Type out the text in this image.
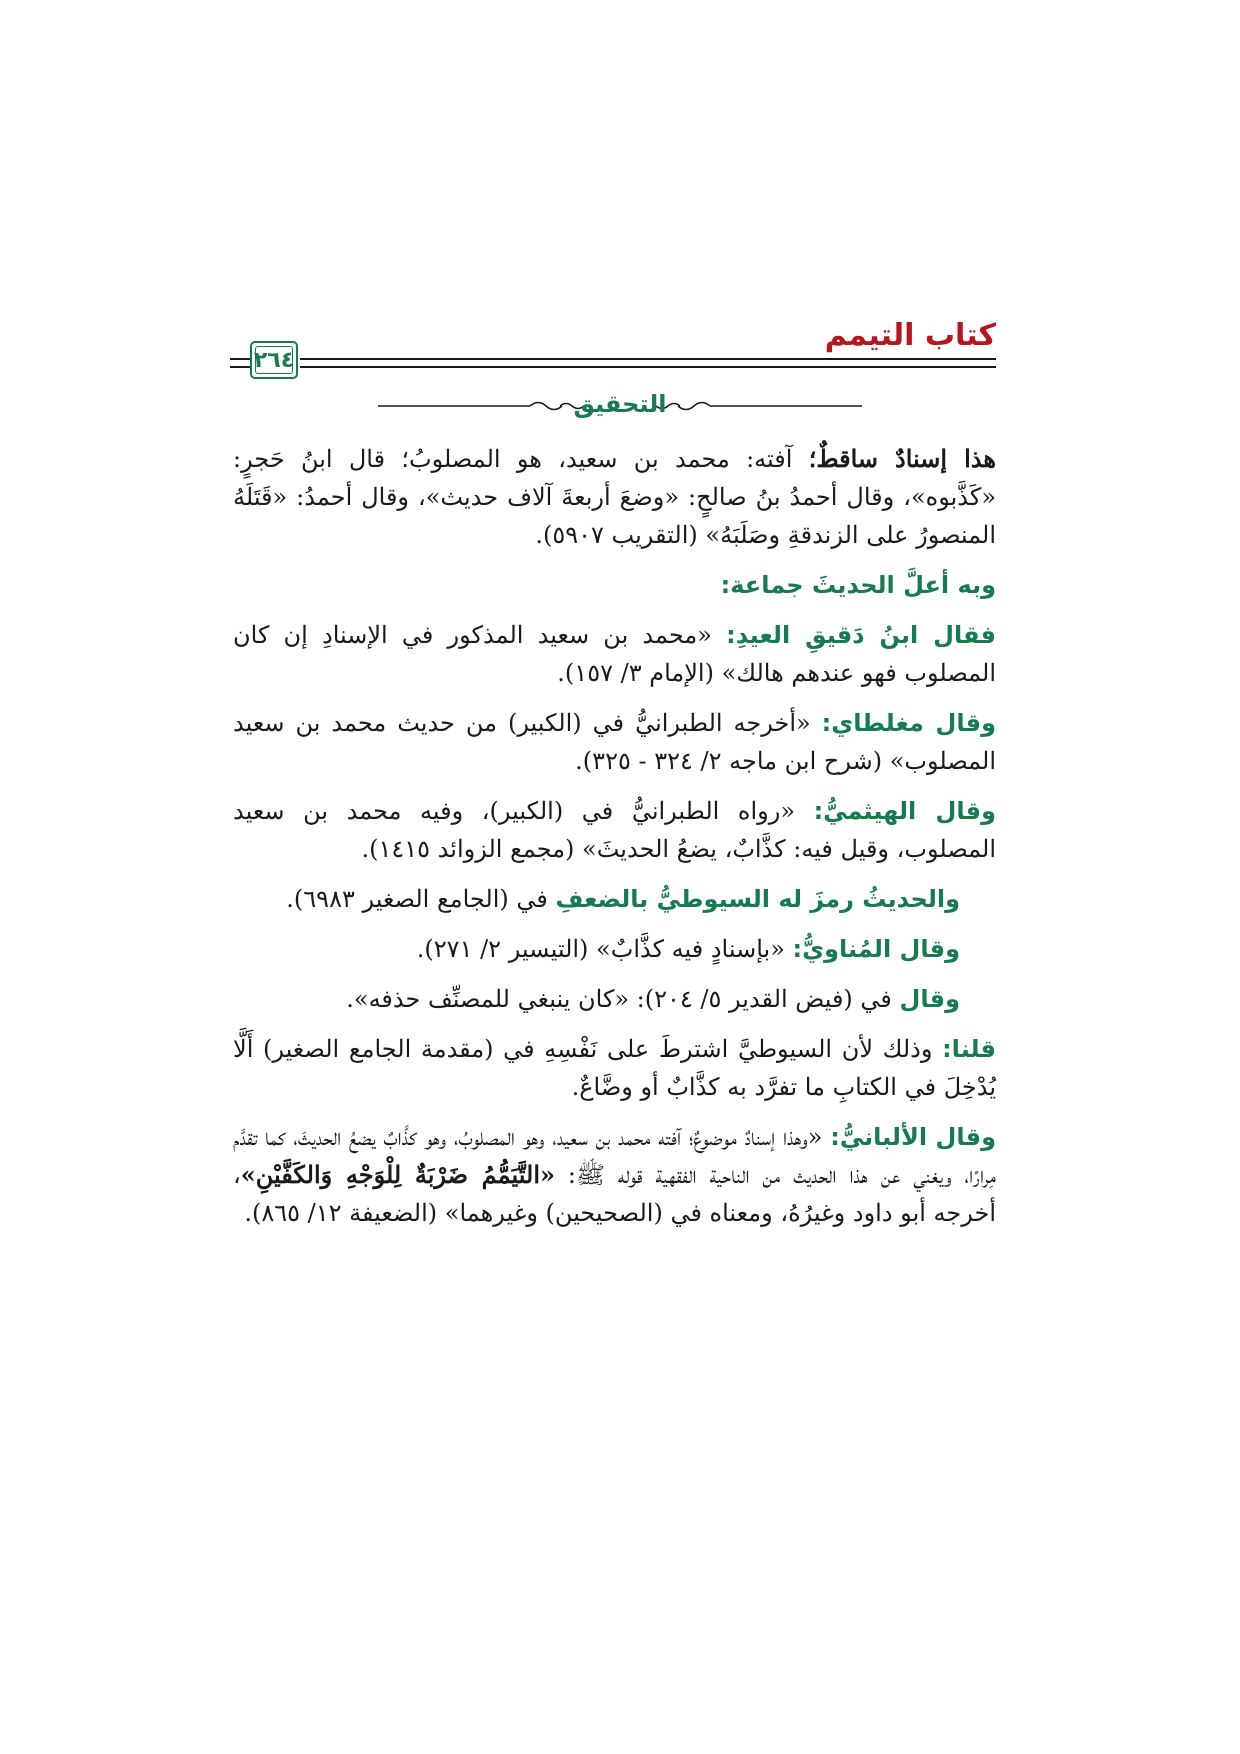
كتاب التيمم
٢٦٤
التحقيق

هذا إسنادٌ ساقطٌ؛ آفته: محمد بن سعيد، هو المصلوبُ؛ قال ابنُ حَجرٍ: «كَذَّبوه»، وقال أحمدُ بنُ صالحٍ: «وضعَ أربعةَ آلاف حديث»، وقال أحمدُ: «قَتَلَهُ المنصورُ على الزندقةِ وصَلَبَهُ» (التقريب ٥٩٠٧).

وبه أعلَّ الحديثَ جماعة:

فقال ابنُ دَقيقِ العيدِ: «محمد بن سعيد المذكور في الإسنادِ إن كان المصلوب فهو عندهم هالك» (الإمام ٣/ ١٥٧).

وقال مغلطاي: «أخرجه الطبرانيُّ في (الكبير) من حديث محمد بن سعيد المصلوب» (شرح ابن ماجه ٢/ ٣٢٤ - ٣٢٥).

وقال الهيثميُّ: «رواه الطبرانيُّ في (الكبير)، وفيه محمد بن سعيد المصلوب، وقيل فيه: كذَّابٌ، يضعُ الحديثَ» (مجمع الزوائد ١٤١٥).

والحديثُ رمزَ له السيوطيُّ بالضعفِ في (الجامع الصغير ٦٩٨٣).

وقال المُناويُّ: «بإسنادٍ فيه كذَّابٌ» (التيسير ٢/ ٢٧١).

وقال في (فيض القدير ٥/ ٢٠٤): «كان ينبغي للمصنِّف حذفه».

قلنا: وذلك لأن السيوطيَّ اشترطَ على نَفْسِهِ في (مقدمة الجامع الصغير) أَلَّا يُدْخِلَ في الكتابِ ما تفرَّد به كذَّابٌ أو وضَّاعٌ.

وقال الألبانيُّ: «وهذا إسنادٌ موضوعٌ؛ آفته محمد بن سعيد، وهو المصلوبُ، وهو كذَّابٌ يضعُ الحديثَ، كما تقدَّم مِرارًا، ويغني عن هذا الحديث من الناحية الفقهية قوله ﷺ: «التَّيَمُّمُ ضَرْبَةٌ لِلْوَجْهِ وَالكَفَّيْنِ»، أخرجه أبو داود وغيرُهُ، ومعناه في (الصحيحين) وغيرهما» (الضعيفة ١٢/ ٨٦٥).
